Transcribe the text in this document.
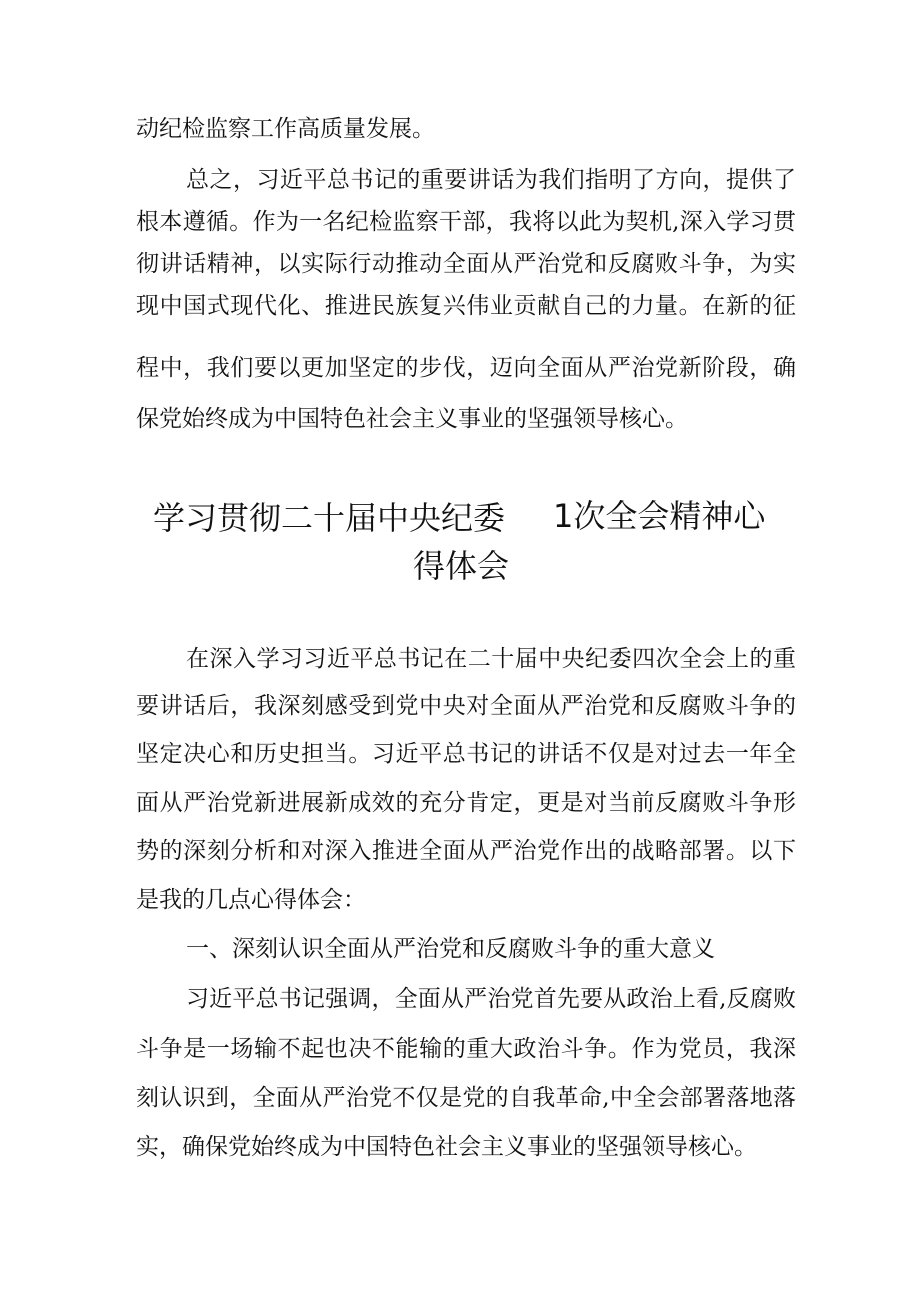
动纪检监察工作高质量发展。

总之，习近平总书记的重要讲话为我们指明了方向，提供了

根本遵循。作为一名纪检监察干部，我将以此为契机,深入学习贯

彻讲话精神，以实际行动推动全面从严治党和反腐败斗争，为实

现中国式现代化、推进民族复兴伟业贡献自己的力量。在新的征

程中，我们要以更加坚定的步伐，迈向全面从严治党新阶段，确

保党始终成为中国特色社会主义事业的坚强领导核心。

学习贯彻二十届中央纪委 1次全会精神心
得体会

在深入学习习近平总书记在二十届中央纪委四次全会上的重

要讲话后，我深刻感受到党中央对全面从严治党和反腐败斗争的

坚定决心和历史担当。习近平总书记的讲话不仅是对过去一年全

面从严治党新进展新成效的充分肯定，更是对当前反腐败斗争形

势的深刻分析和对深入推进全面从严治党作出的战略部署。以下

是我的几点心得体会：

一、深刻认识全面从严治党和反腐败斗争的重大意义

习近平总书记强调，全面从严治党首先要从政治上看,反腐败

斗争是一场输不起也决不能输的重大政治斗争。作为党员，我深

刻认识到，全面从严治党不仅是党的自我革命,中全会部署落地落

实，确保党始终成为中国特色社会主义事业的坚强领导核心。
